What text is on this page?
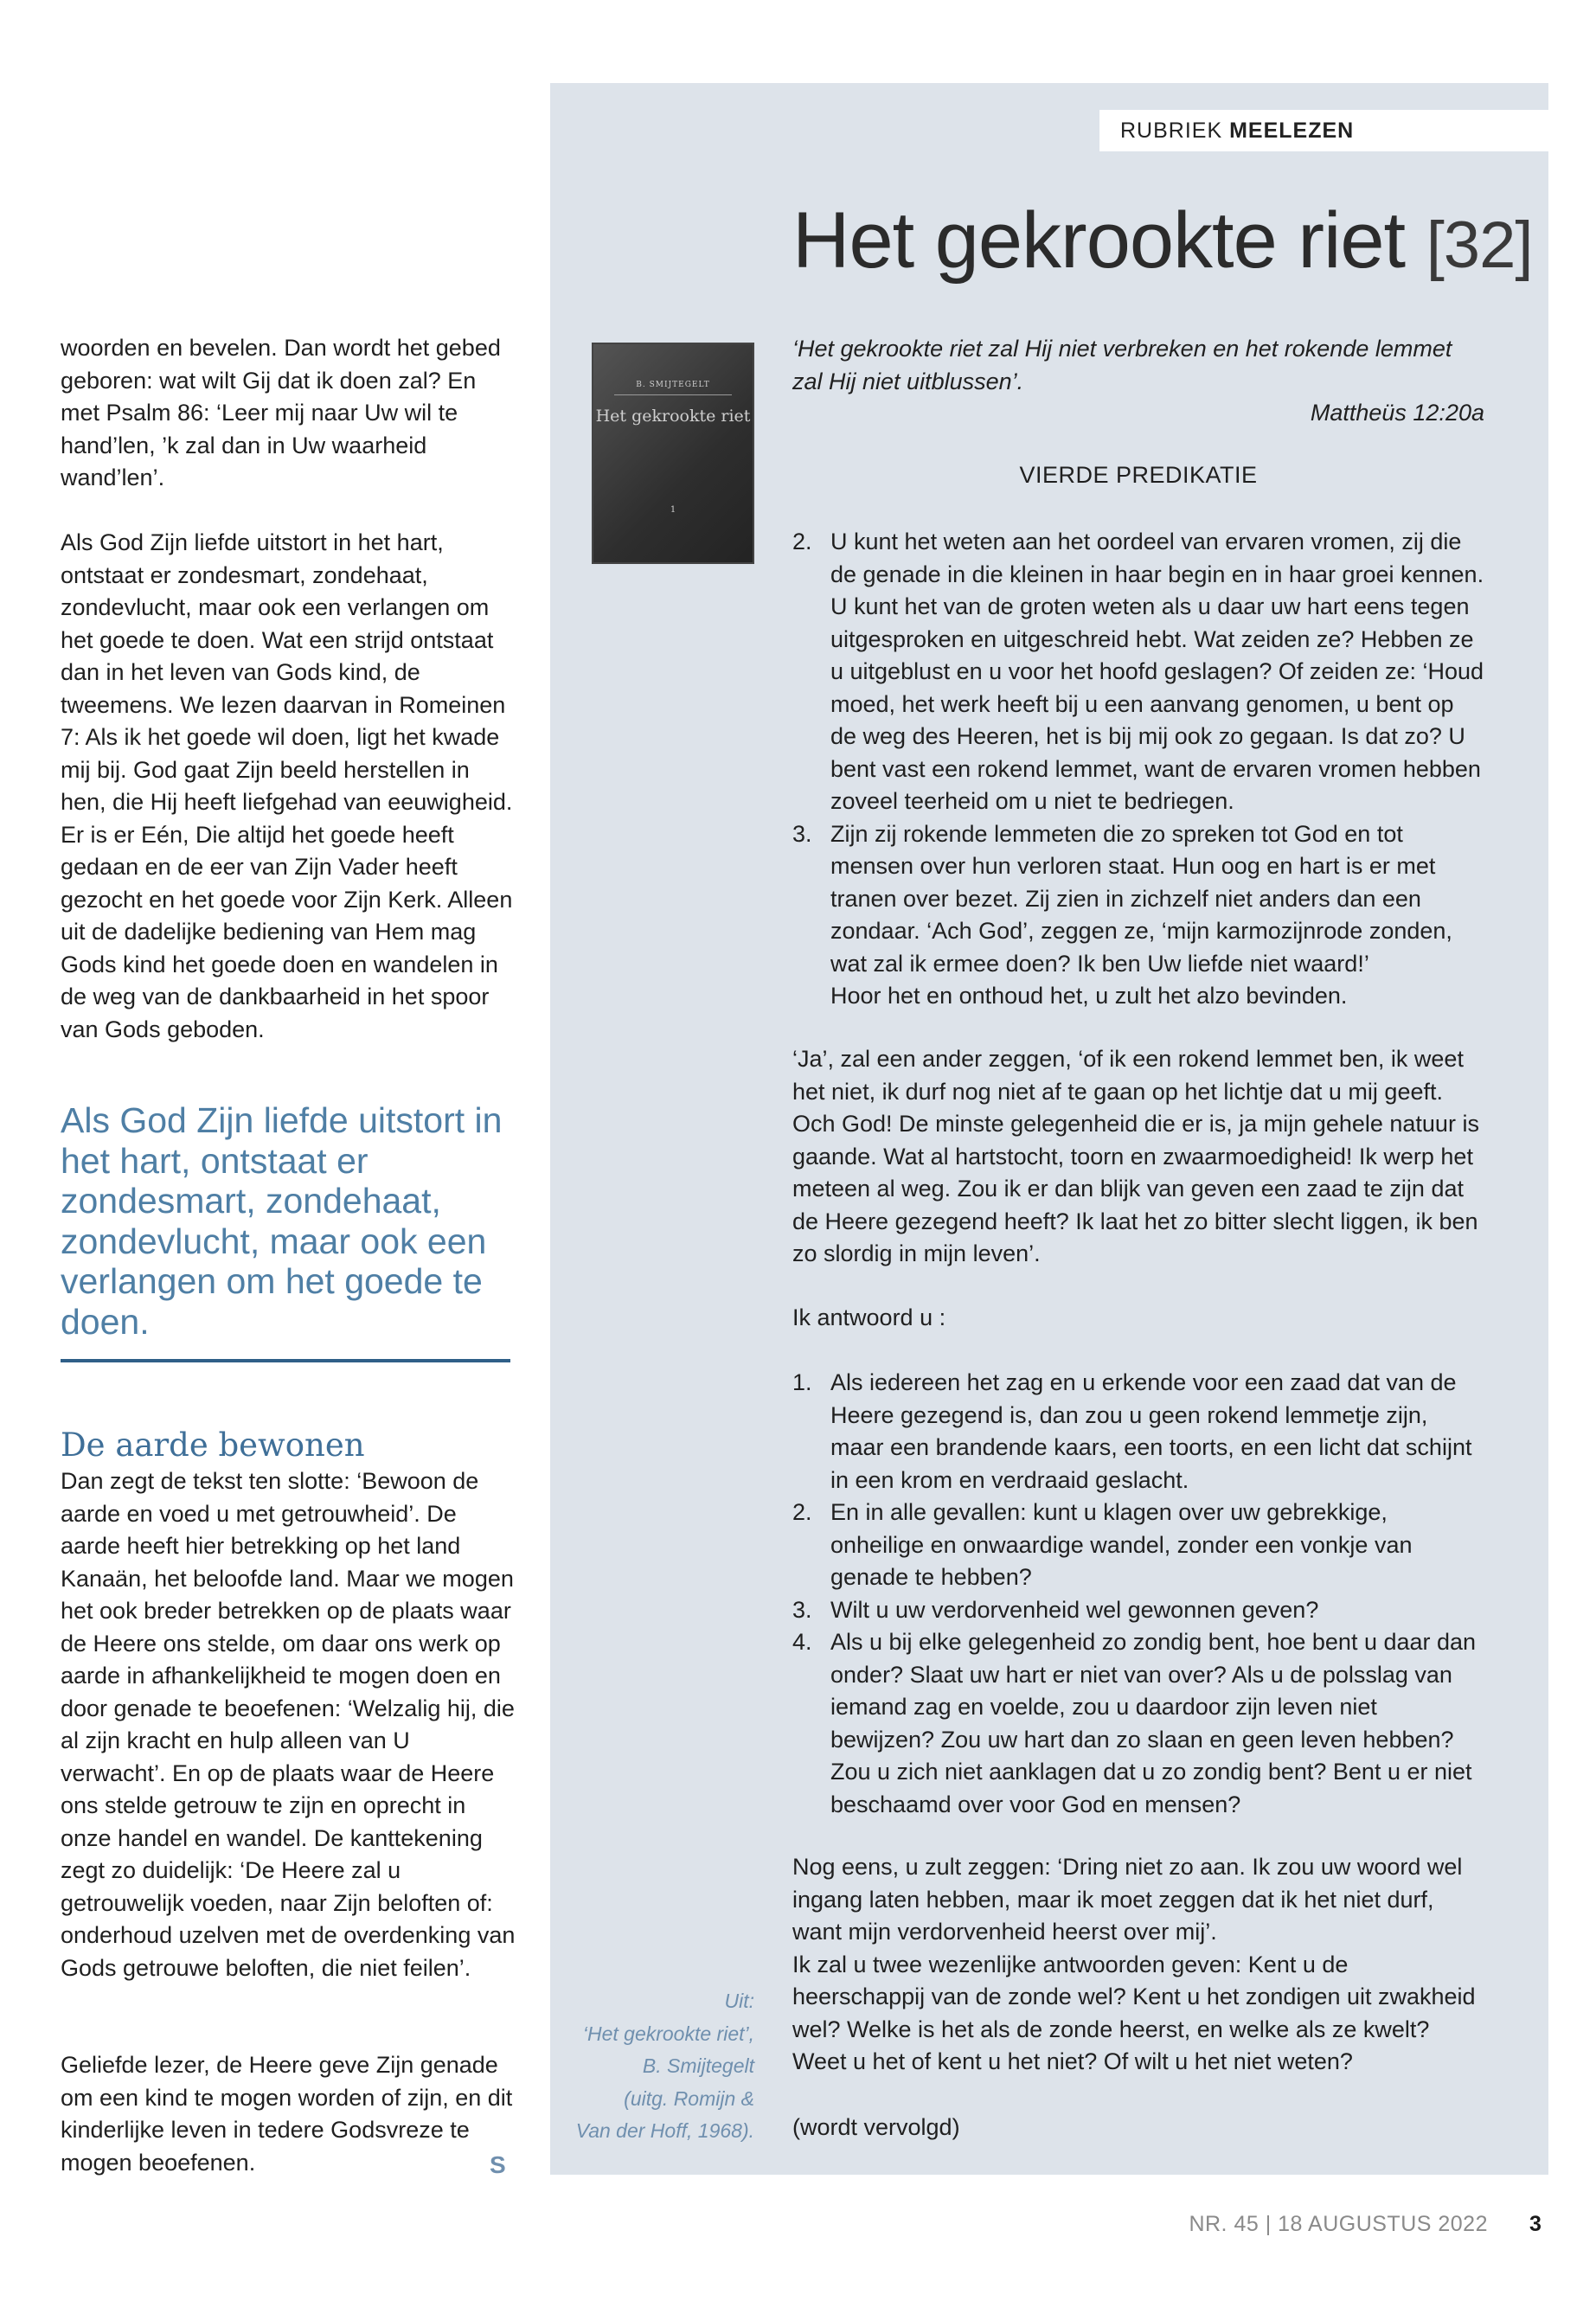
RUBRIEK MEELEZEN
Het gekrookte riet [32]

woorden en bevelen. Dan wordt het gebed geboren: wat wilt Gij dat ik doen zal? En met Psalm 86: ‘Leer mij naar Uw wil te hand’len, ’k zal dan in Uw waarheid wand’len’.

Als God Zijn liefde uitstort in het hart, ontstaat er zondesmart, zondehaat, zondevlucht, maar ook een verlangen om het goede te doen. Wat een strijd ontstaat dan in het leven van Gods kind, de tweemens. We lezen daarvan in Romeinen 7: Als ik het goede wil doen, ligt het kwade mij bij. God gaat Zijn beeld herstellen in hen, die Hij heeft liefgehad van eeuwigheid. Er is er Eén, Die altijd het goede heeft gedaan en de eer van Zijn Vader heeft gezocht en het goede voor Zijn Kerk. Alleen uit de dadelijke bediening van Hem mag Gods kind het goede doen en wandelen in de weg van de dankbaarheid in het spoor van Gods geboden.

Als God Zijn liefde uitstort in het hart, ontstaat er zondesmart, zondehaat, zondevlucht, maar ook een verlangen om het goede te doen.
De aarde bewonen

Dan zegt de tekst ten slotte: ‘Bewoon de aarde en voed u met getrouwheid’. De aarde heeft hier betrekking op het land Kanaän, het beloofde land. Maar we mogen het ook breder betrekken op de plaats waar de Heere ons stelde, om daar ons werk op aarde in afhankelijkheid te mogen doen en door genade te beoefenen: ‘Welzalig hij, die al zijn kracht en hulp alleen van U verwacht’. En op de plaats waar de Heere ons stelde getrouw te zijn en oprecht in onze handel en wandel. De kanttekening zegt zo duidelijk: ‘De Heere zal u getrouwelijk voeden, naar Zijn beloften of: onderhoud uzelven met de overdenking van Gods getrouwe beloften, die niet feilen’.

Geliefde lezer, de Heere geve Zijn genade om een kind te mogen worden of zijn, en dit kinderlijke leven in tedere Godsvreze te mogen beoefenen.	S
B. SMIJTEGELT
Het gekrookte riet
1
Uit:
‘Het gekrookte riet’,
B. Smijtegelt
(uitg. Romijn &
Van der Hoff, 1968).
‘Het gekrookte riet zal Hij niet verbreken en het rokende lemmet zal Hij niet uitblussen’.
Mattheüs 12:20a
VIERDE PREDIKATIE
2. U kunt het weten aan het oordeel van ervaren vromen, zij die de genade in die kleinen in haar begin en in haar groei kennen. U kunt het van de groten weten als u daar uw hart eens tegen uitgesproken en uitgeschreid hebt. Wat zeiden ze? Hebben ze u uitgeblust en u voor het hoofd geslagen? Of zeiden ze: ‘Houd moed, het werk heeft bij u een aanvang genomen, u bent op de weg des Heeren, het is bij mij ook zo gegaan. Is dat zo? U bent vast een rokend lemmet, want de ervaren vromen hebben zoveel teerheid om u niet te bedriegen.
3. Zijn zij rokende lemmeten die zo spreken tot God en tot mensen over hun verloren staat. Hun oog en hart is er met tranen over bezet. Zij zien in zichzelf niet anders dan een zondaar. ‘Ach God’, zeggen ze, ‘mijn karmozijnrode zonden, wat zal ik ermee doen? Ik ben Uw liefde niet waard!’
Hoor het en onthoud het, u zult het alzo bevinden.

‘Ja’, zal een ander zeggen, ‘of ik een rokend lemmet ben, ik weet het niet, ik durf nog niet af te gaan op het lichtje dat u mij geeft. Och God! De minste gelegenheid die er is, ja mijn gehele natuur is gaande. Wat al hartstocht, toorn en zwaarmoedigheid! Ik werp het meteen al weg. Zou ik er dan blijk van geven een zaad te zijn dat de Heere gezegend heeft? Ik laat het zo bitter slecht liggen, ik ben zo slordig in mijn leven’.

Ik antwoord u :

1. Als iedereen het zag en u erkende voor een zaad dat van de Heere gezegend is, dan zou u geen rokend lemmetje zijn, maar een brandende kaars, een toorts, en een licht dat schijnt in een krom en verdraaid geslacht.
2. En in alle gevallen: kunt u klagen over uw gebrekkige, onheilige en onwaardige wandel, zonder een vonkje van genade te hebben?
3. Wilt u uw verdorvenheid wel gewonnen geven?
4. Als u bij elke gelegenheid zo zondig bent, hoe bent u daar dan onder? Slaat uw hart er niet van over? Als u de polsslag van iemand zag en voelde, zou u daardoor zijn leven niet bewijzen? Zou uw hart dan zo slaan en geen leven hebben? Zou u zich niet aanklagen dat u zo zondig bent? Bent u er niet beschaamd over voor God en mensen?

Nog eens, u zult zeggen: ‘Dring niet zo aan. Ik zou uw woord wel ingang laten hebben, maar ik moet zeggen dat ik het niet durf, want mijn verdorvenheid heerst over mij’.

Ik zal u twee wezenlijke antwoorden geven: Kent u de heerschappij van de zonde wel? Kent u het zondigen uit zwakheid wel? Welke is het als de zonde heerst, en welke als ze kwelt? Weet u het of kent u het niet? Of wilt u het niet weten?

(wordt vervolgd)

NR. 45 | 18 AUGUSTUS 2022 3
